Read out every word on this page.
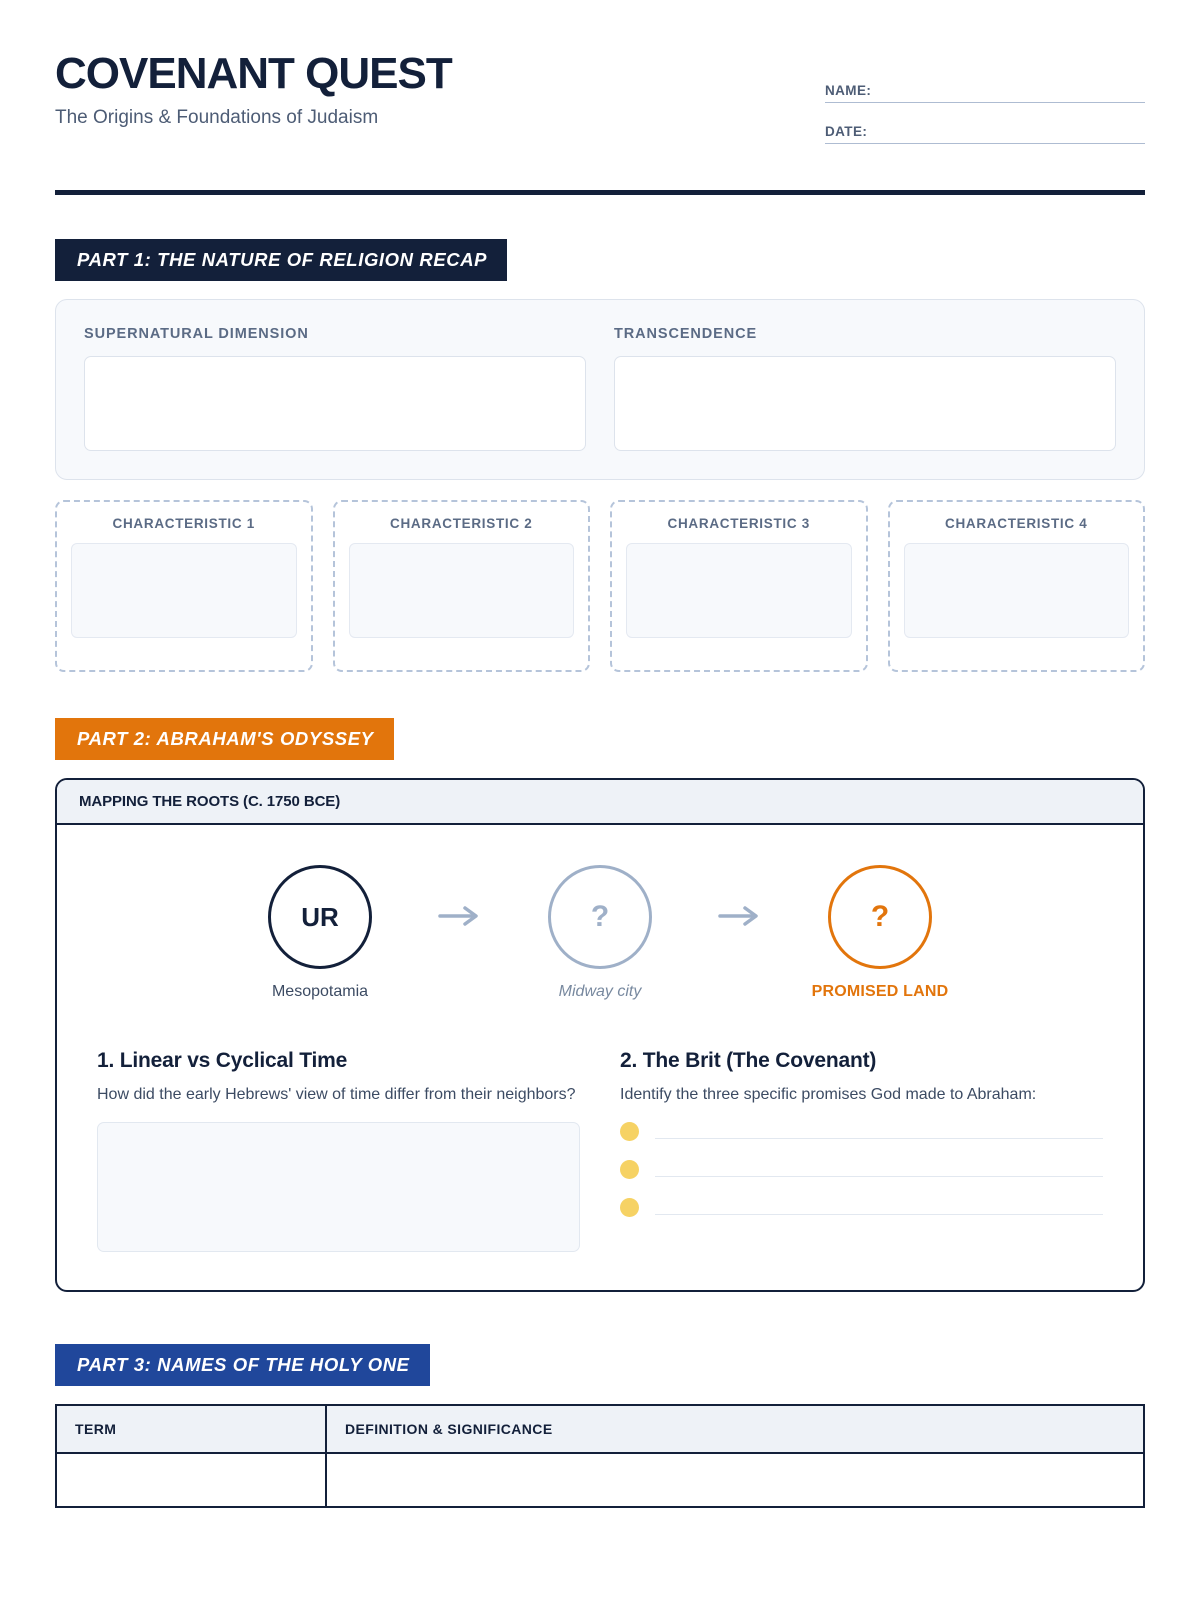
COVENANT QUEST

The Origins & Foundations of Judaism

NAME:
DATE:
PART 1: THE NATURE OF RELIGION RECAP
SUPERNATURAL DIMENSION	TRANSCENDENCE
CHARACTERISTIC 1	CHARACTERISTIC 2	CHARACTERISTIC 3	CHARACTERISTIC 4
PART 2: ABRAHAM'S ODYSSEY
MAPPING THE ROOTS (C. 1750 BCE)
UR
Mesopotamia
?
Midway city
?
PROMISED LAND
1. Linear vs Cyclical Time

How did the early Hebrews' view of time differ from their neighbors?

2. The Brit (The Covenant)

Identify the three specific promises God made to Abraham:

PART 3: NAMES OF THE HOLY ONE
TERM	DEFINITION & SIGNIFICANCE
